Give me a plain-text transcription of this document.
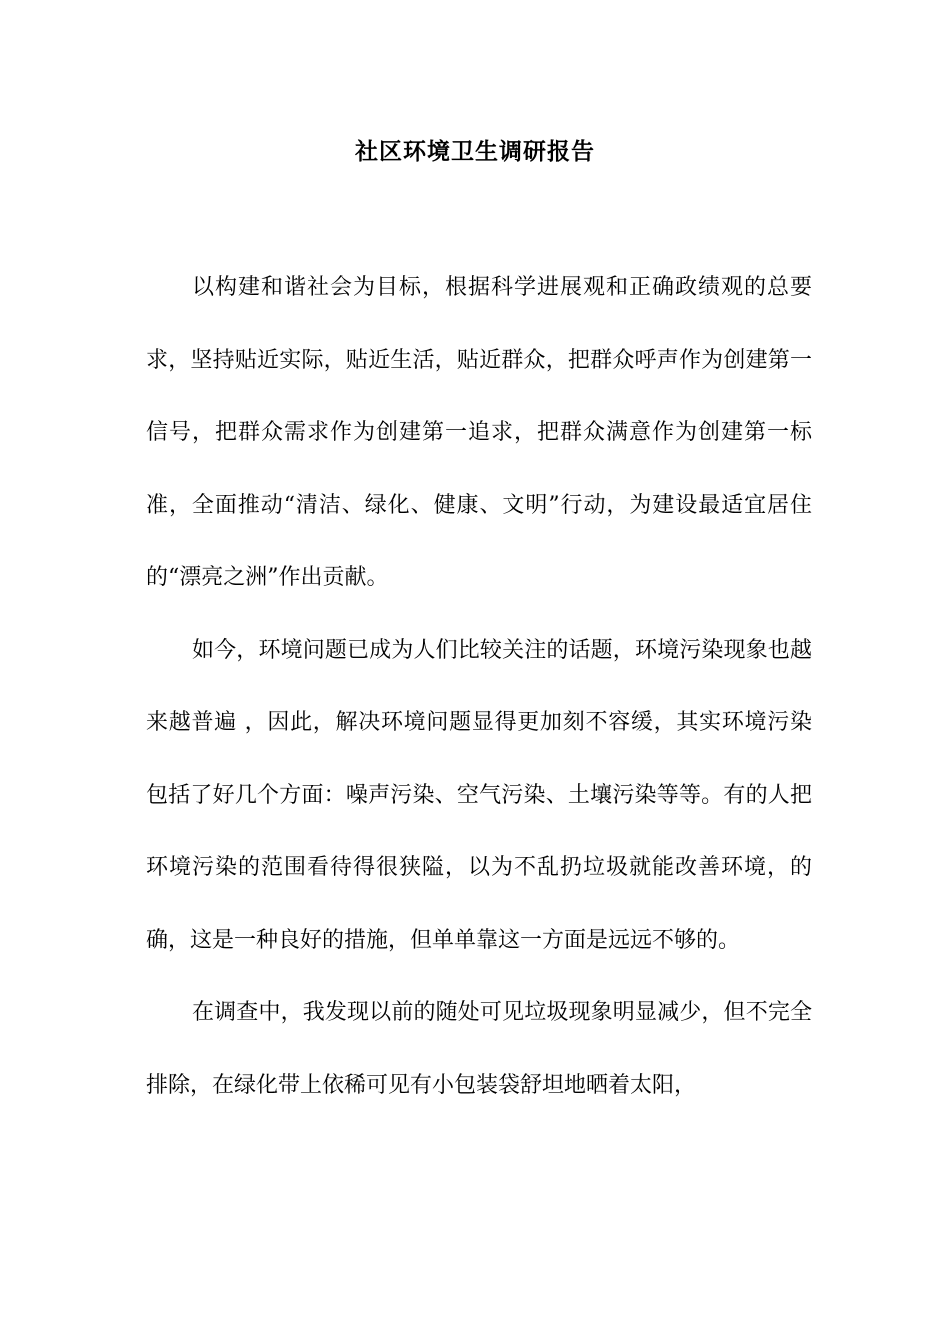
社区环境卫生调研报告

以构建和谐社会为目标，根据科学进展观和正确政绩观的总要求，坚持贴近实际，贴近生活，贴近群众，把群众呼声作为创建第一信号，把群众需求作为创建第一追求，把群众满意作为创建第一标准，全面推动“清洁、绿化、健康、文明”行动，为建设最适宜居住的“漂亮之洲”作出贡献。

如今，环境问题已成为人们比较关注的话题，环境污染现象也越来越普遍 ，因此，解决环境问题显得更加刻不容缓，其实环境污染包括了好几个方面：噪声污染、空气污染、土壤污染等等。有的人把环境污染的范围看待得很狭隘，以为不乱扔垃圾就能改善环境，的确，这是一种良好的措施，但单单靠这一方面是远远不够的。

在调查中，我发现以前的随处可见垃圾现象明显减少，但不完全排除，在绿化带上依稀可见有小包装袋舒坦地晒着太阳，
